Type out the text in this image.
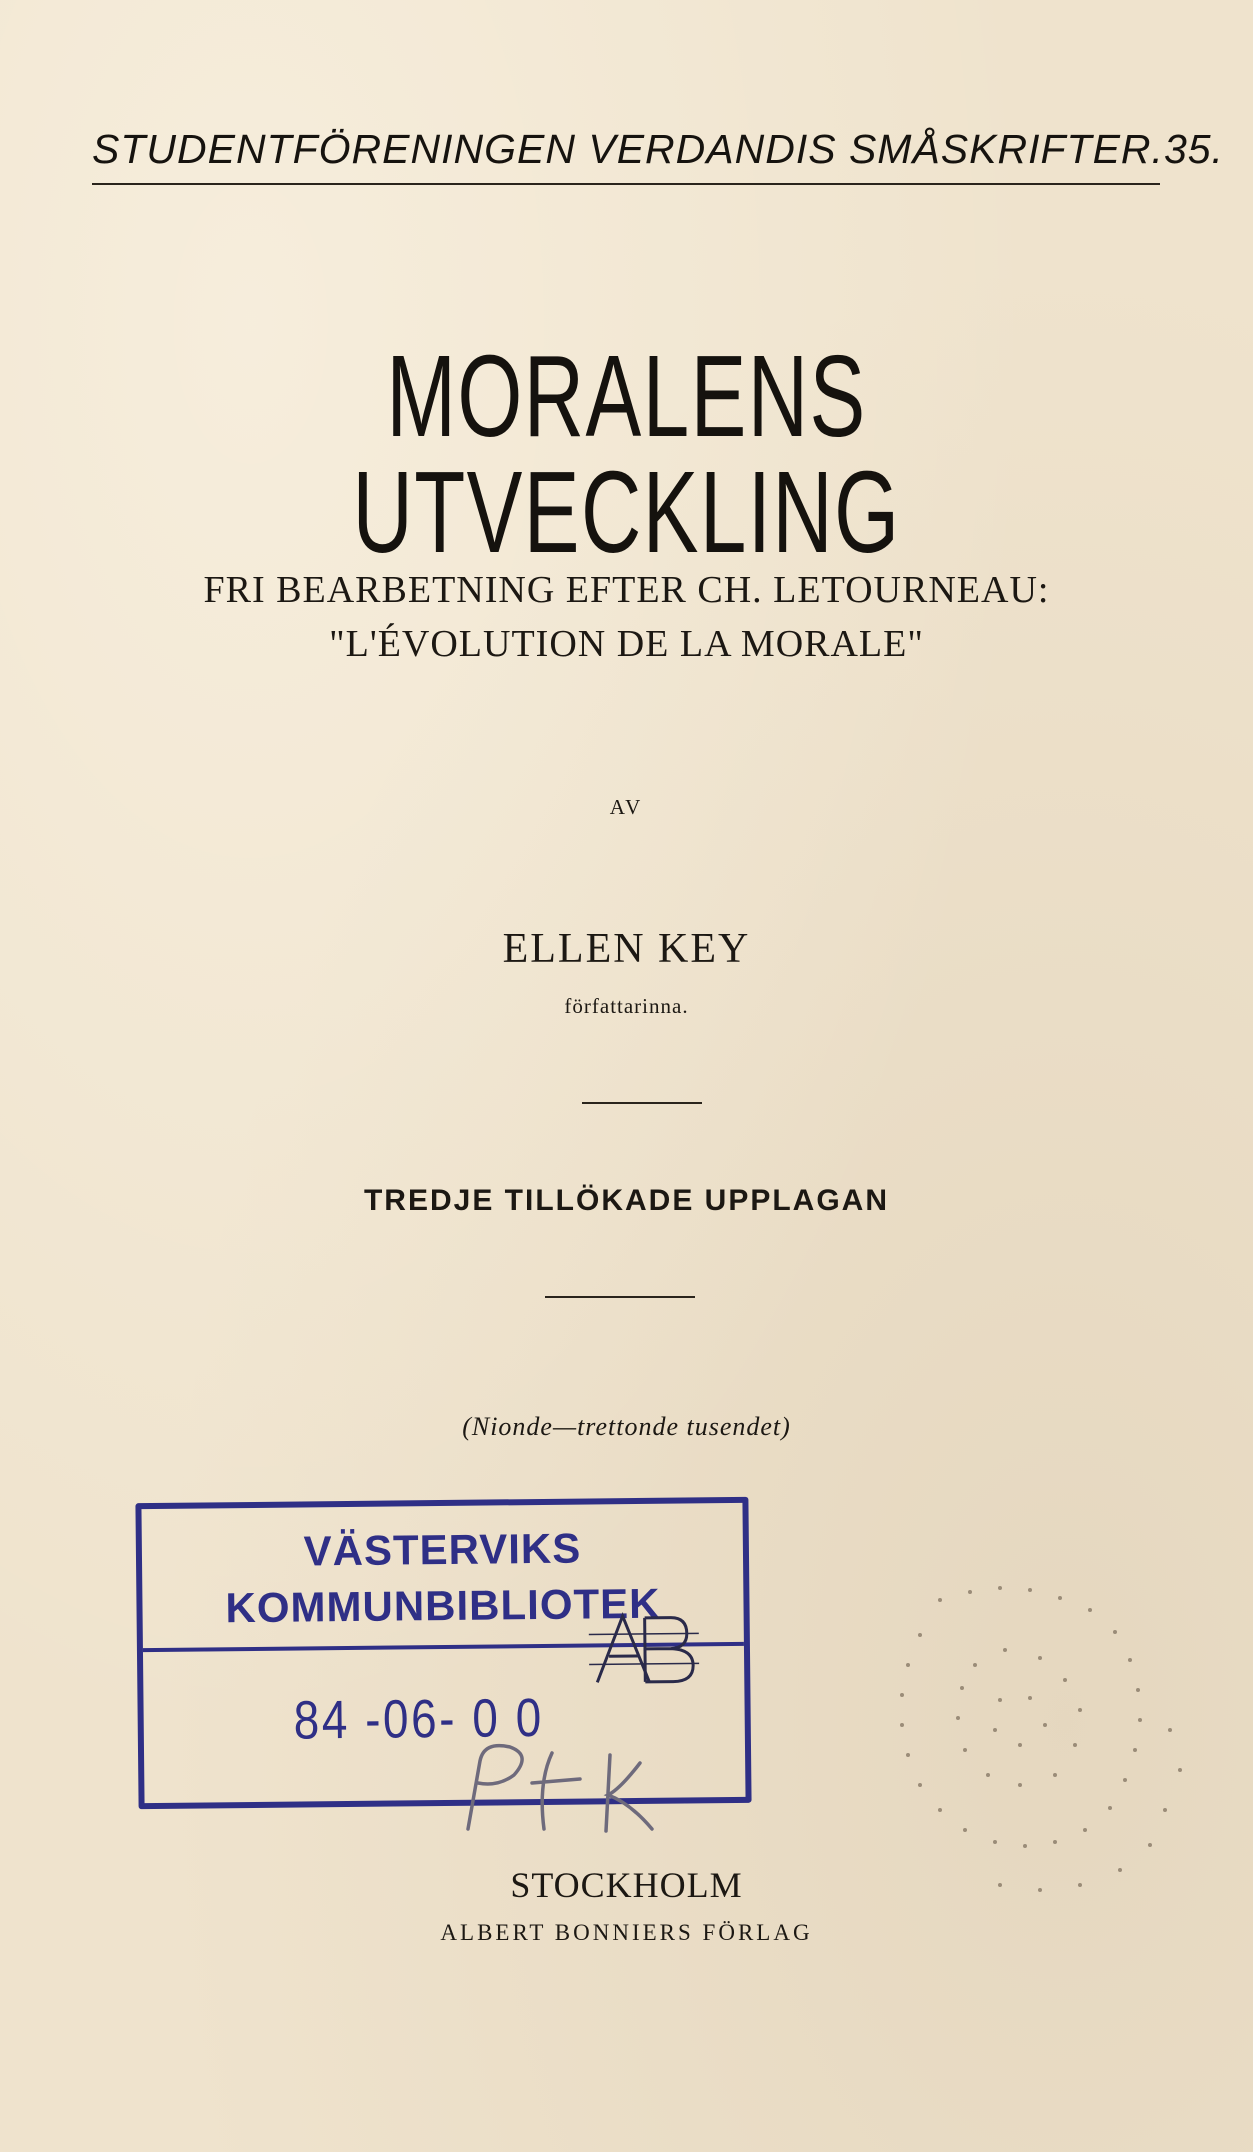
STUDENTFÖRENINGEN VERDANDIS SMÅSKRIFTER. 35.
MORALENS UTVECKLING
FRI BEARBETNING EFTER CH. LETOURNEAU:
"L'ÉVOLUTION DE LA MORALE"
AV
ELLEN KEY
författarinna.
TREDJE TILLÖKADE UPPLAGAN
(Nionde—trettonde tusendet)
VÄSTERVIKS
KOMMUNBIBLIOTEK
84 -06- 0 0
STOCKHOLM
ALBERT BONNIERS FÖRLAG
